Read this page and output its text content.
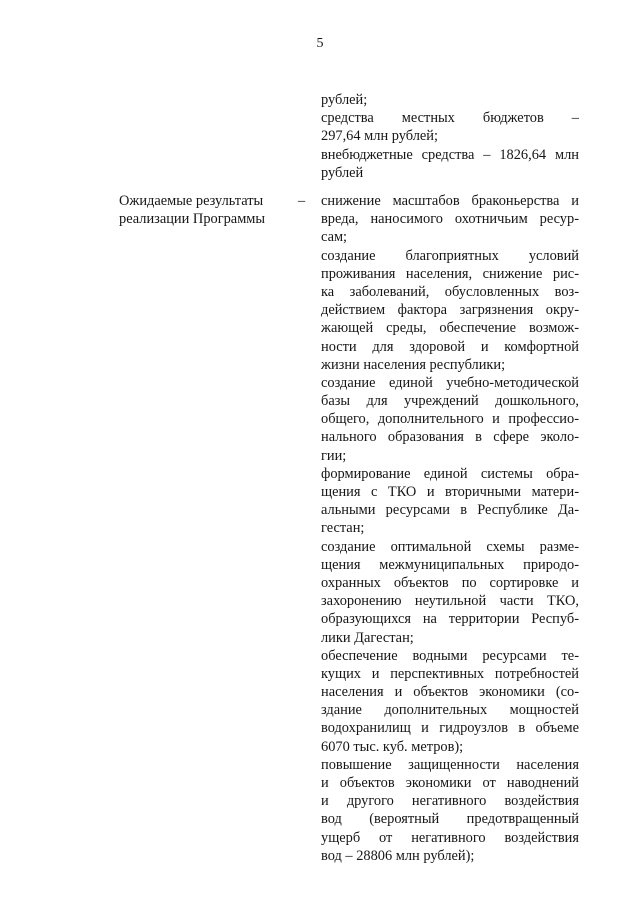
5
рублей;
средства местных бюджетов –
297,64 млн рублей;
внебюджетные средства – 1826,64 млн
рублей
Ожидаемые результаты
реализации Программы
– снижение масштабов браконьерства и
вреда, наносимого охотничьим ресур-
сам;
создание благоприятных условий
проживания населения, снижение рис-
ка заболеваний, обусловленных воз-
действием фактора загрязнения окру-
жающей среды, обеспечение возмож-
ности для здоровой и комфортной
жизни населения республики;
создание единой учебно-методической
базы для учреждений дошкольного,
общего, дополнительного и профессио-
нального образования в сфере эколо-
гии;
формирование единой системы обра-
щения с ТКО и вторичными матери-
альными ресурсами в Республике Да-
гестан;
создание оптимальной схемы разме-
щения межмуниципальных природо-
охранных объектов по сортировке и
захоронению неутильной части ТКО,
образующихся на территории Респуб-
лики Дагестан;
обеспечение водными ресурсами те-
кущих и перспективных потребностей
населения и объектов экономики (со-
здание дополнительных мощностей
водохранилищ и гидроузлов в объеме
6070 тыс. куб. метров);
повышение защищенности населения
и объектов экономики от наводнений
и другого негативного воздействия
вод (вероятный предотвращенный
ущерб от негативного воздействия
вод – 28806 млн рублей);
